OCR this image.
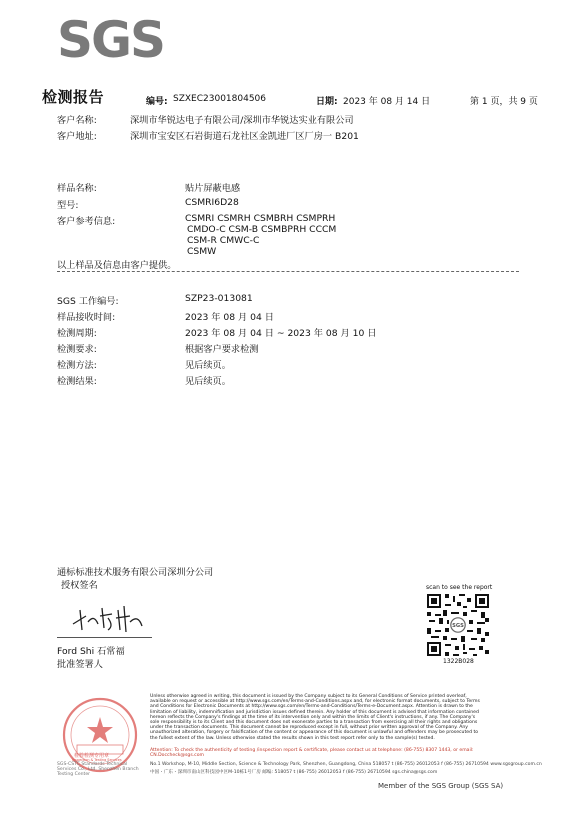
SGS
检测报告	编号: SZXEC23001804506	日期: 2023 年 08 月 14 日	第 1 页，共 9 页
客户名称:	深圳市华锐达电子有限公司/深圳市华锐达实业有限公司
客户地址:	深圳市宝安区石岩街道石龙社区金凯进厂区厂房一 B201
样品名称:	贴片屏蔽电感
型号:	CSMRI6D28
客户参考信息:	CSMRI CSMRH CSMBRH CSMPRH
CMDO-C CSM-B CSMBPRH CCCM
CSM-R CMWC-C
CSMW
以上样品及信息由客户提供。
SGS 工作编号:	SZP23-013081
样品接收时间:	2023 年 08 月 04 日
检测周期:	2023 年 08 月 04 日 ~ 2023 年 08 月 10 日
检测要求:	根据客户要求检测
检测方法:	见后续页。
检测结果:	见后续页。
通标标准技术服务有限公司深圳分公司
授权签名
Ford Shi 石常福
批准签署人
scan to see the report
SGS
1322B028
检验检测专用章
Inspection & Testing Services
Unless otherwise agreed in writing, this document is issued by the Company subject to its General Conditions of Service printed overleaf, available on request or accessible at http://www.sgs.com/en/Terms-and-Conditions.aspx and, for electronic format documents, subject to Terms and Conditions for Electronic Documents at http://www.sgs.com/en/Terms-and-Conditions/Terms-e-Document.aspx. Attention is drawn to the limitation of liability, indemnification and jurisdiction issues defined therein. Any holder of this document is advised that information contained hereon reflects the Company's findings at the time of its intervention only and within the limits of Client's instructions, if any. The Company's sole responsibility is to its Client and this document does not exonerate parties to a transaction from exercising all their rights and obligations under the transaction documents. This document cannot be reproduced except in full, without prior written approval of the Company. Any unauthorized alteration, forgery or falsification of the content or appearance of this document is unlawful and offenders may be prosecuted to the fullest extent of the law. Unless otherwise stated the results shown in this test report refer only to the sample(s) tested.
Attention: To check the authenticity of testing /inspection report & certificate, please contact us at telephone: (86-755) 8307 1443, or email: CN.Doccheck@sgs.com
SGS-CSTC Standards Technical Services Co., Ltd. Shenzhen Branch Testing Center
No.1 Workshop, M-10, Middle Section, Science & Technology Park, Shenzhen, Guangdong, China 518057 t (86-755) 26012053 f (86-755) 26710594 www.sgsgroup.com.cn
中国・广东・深圳市南山区科技园中区M-10栋1号厂房 邮编: 518057 t (86-755) 26012053 f (86-755) 26710594 sgs.china@sgs.com
Member of the SGS Group (SGS SA)
